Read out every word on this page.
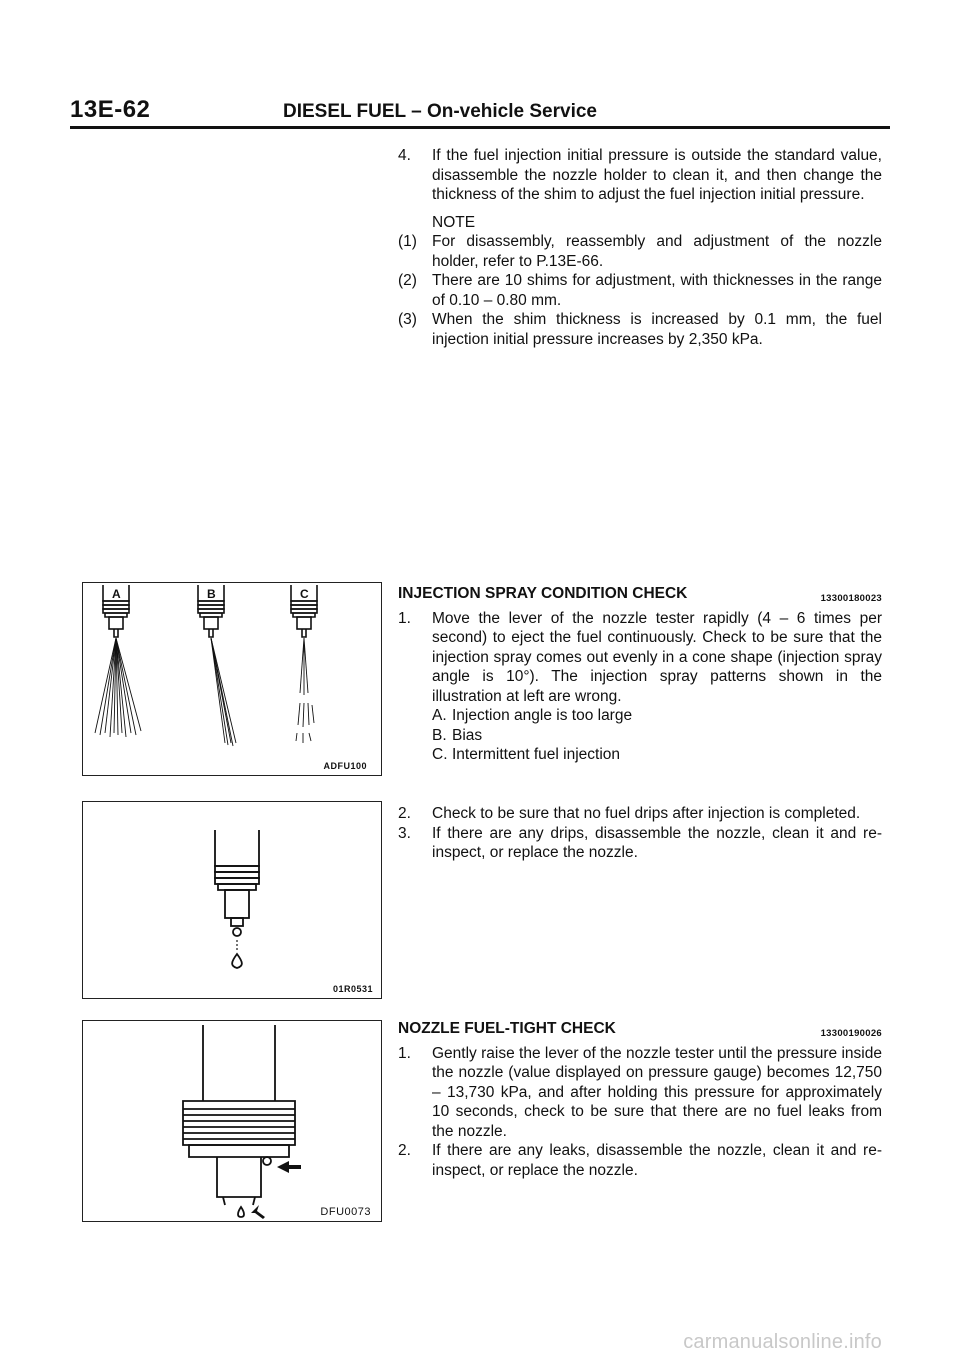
13E-62	DIESEL FUEL – On-vehicle Service
4. If the fuel injection initial pressure is outside the standard value, disassemble the nozzle holder to clean it, and then change the thickness of the shim to adjust the fuel injection initial pressure.

NOTE

(1) For disassembly, reassembly and adjustment of the nozzle holder, refer to P.13E-66.

(2) There are 10 shims for adjustment, with thicknesses in the range of 0.10 – 0.80 mm.

(3) When the shim thickness is increased by 0.1 mm, the fuel injection initial pressure increases by 2,350 kPa.

A	B	C
ADFU100
01R0531
DFU0073
INJECTION SPRAY CONDITION CHECK	13300180023
1. Move the lever of the nozzle tester rapidly (4 – 6 times per second) to eject the fuel continuously. Check to be sure that the injection spray comes out evenly in a cone shape (injection spray angle is 10°). The injection spray patterns shown in the illustration at left are wrong.

A. Injection angle is too large

B. Bias

C. Intermittent fuel injection

2. Check to be sure that no fuel drips after injection is completed.

3. If there are any drips, disassemble the nozzle, clean it and re-inspect, or replace the nozzle.

NOZZLE FUEL-TIGHT CHECK	13300190026
1. Gently raise the lever of the nozzle tester until the pressure inside the nozzle (value displayed on pressure gauge) becomes 12,750 – 13,730 kPa, and after holding this pressure for approximately 10 seconds, check to be sure that there are no fuel leaks from the nozzle.

2. If there are any leaks, disassemble the nozzle, clean it and re-inspect, or replace the nozzle.

carmanualsonline.info
